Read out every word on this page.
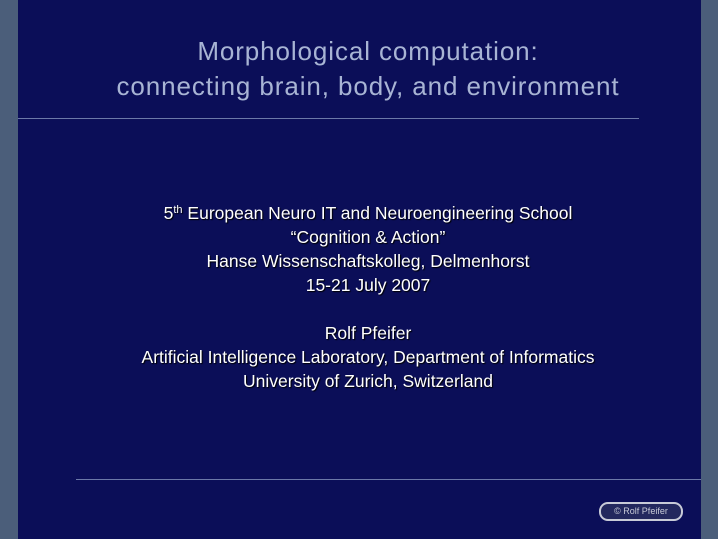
Morphological computation:
connecting brain, body, and environment
5th European Neuro IT and Neuroengineering School
“Cognition & Action”
Hanse Wissenschaftskolleg, Delmenhorst
15-21 July 2007
Rolf Pfeifer
Artificial Intelligence Laboratory, Department of Informatics
University of Zurich, Switzerland
© Rolf Pfeifer
